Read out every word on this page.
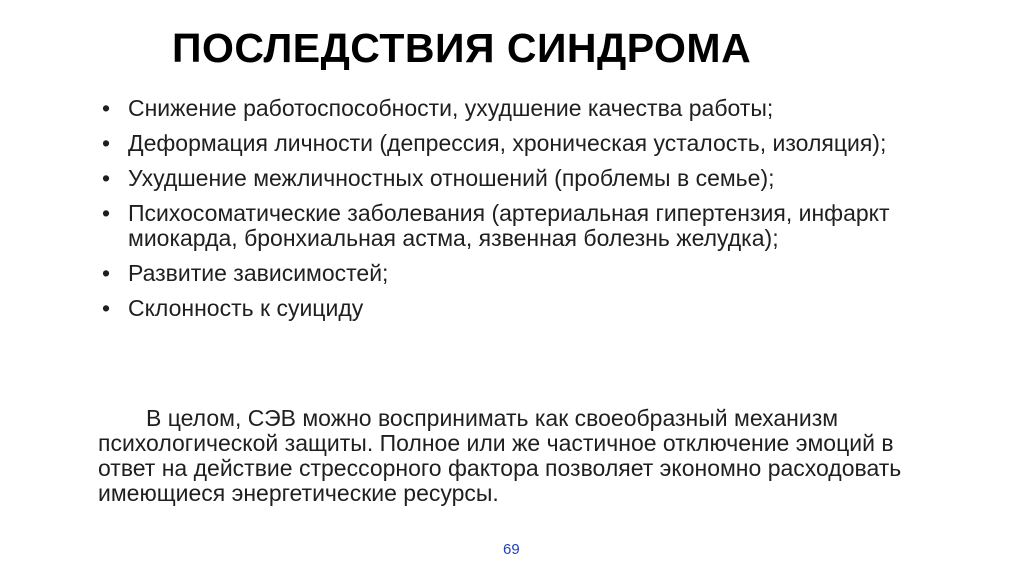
ПОСЛЕДСТВИЯ СИНДРОМА
• Снижение работоспособности, ухудшение качества работы;
• Деформация личности (депрессия, хроническая усталость, изоляция);
• Ухудшение межличностных отношений (проблемы в семье);
• Психосоматические заболевания (артериальная гипертензия, инфаркт миокарда, бронхиальная астма, язвенная болезнь желудка);
• Развитие зависимостей;
• Склонность к суициду

В целом, СЭВ можно воспринимать как своеобразный механизм психологической защиты. Полное или же частичное отключение эмоций в ответ на действие стрессорного фактора позволяет экономно расходовать имеющиеся энергетические ресурсы.

69
